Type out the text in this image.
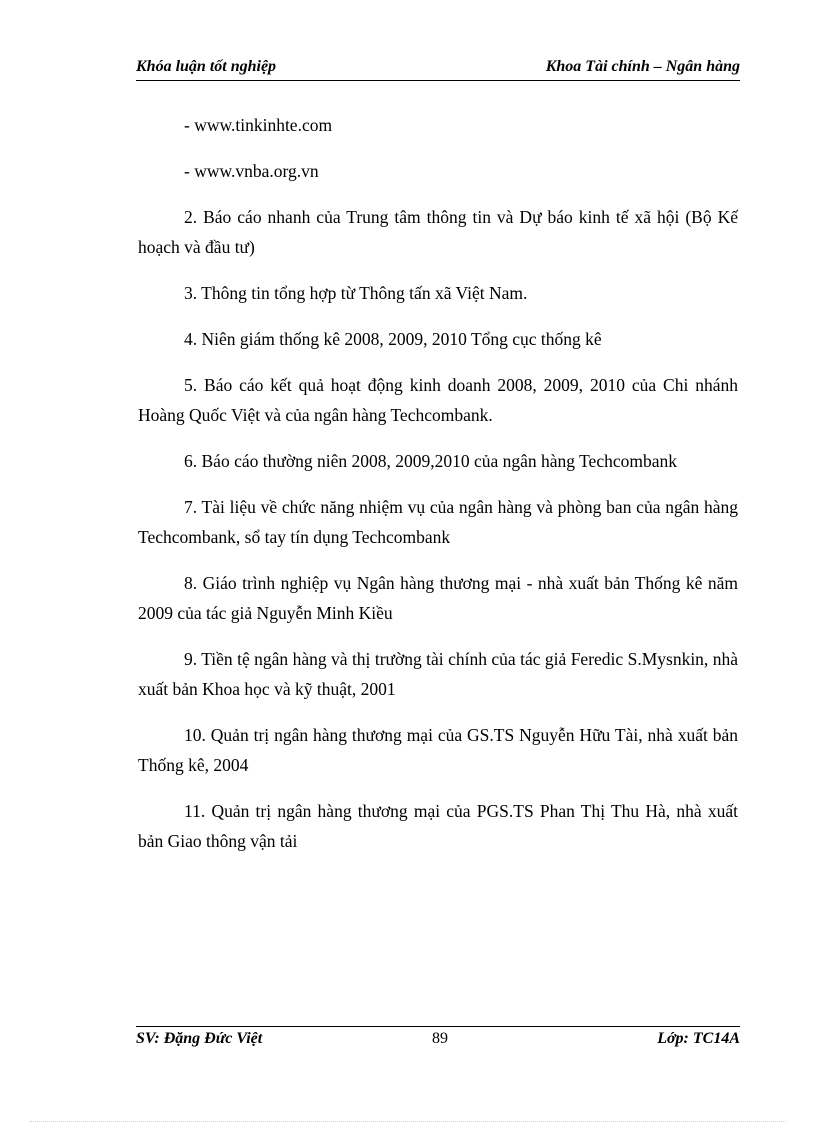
Khóa luận tốt nghiệp	Khoa Tài chính – Ngân hàng

- www.tinkinhte.com

- www.vnba.org.vn

2. Báo cáo nhanh của Trung tâm thông tin và Dự báo kinh tế xã hội (Bộ Kế hoạch và đầu tư)

3. Thông tin tổng hợp từ Thông tấn xã Việt Nam.

4. Niên giám thống kê 2008, 2009, 2010 Tổng cục thống kê

5. Báo cáo kết quả hoạt động kinh doanh 2008, 2009, 2010 của Chi nhánh Hoàng Quốc Việt và của ngân hàng Techcombank.

6. Báo cáo thường niên 2008, 2009,2010 của ngân hàng Techcombank

7. Tài liệu về chức năng nhiệm vụ của ngân hàng và phòng ban của ngân hàng Techcombank, sổ tay tín dụng Techcombank

8. Giáo trình nghiệp vụ Ngân hàng thương mại - nhà xuất bản Thống kê năm 2009 của tác giả Nguyễn Minh Kiều

9. Tiền tệ ngân hàng và thị trường tài chính của tác giả Feredic S.Mysnkin, nhà xuất bản Khoa học và kỹ thuật, 2001

10. Quản trị ngân hàng thương mại của GS.TS Nguyễn Hữu Tài, nhà xuất bản Thống kê, 2004

11. Quản trị ngân hàng thương mại của PGS.TS Phan Thị Thu Hà, nhà xuất bản Giao thông vận tải

SV: Đặng Đức Việt	89	Lớp: TC14A
